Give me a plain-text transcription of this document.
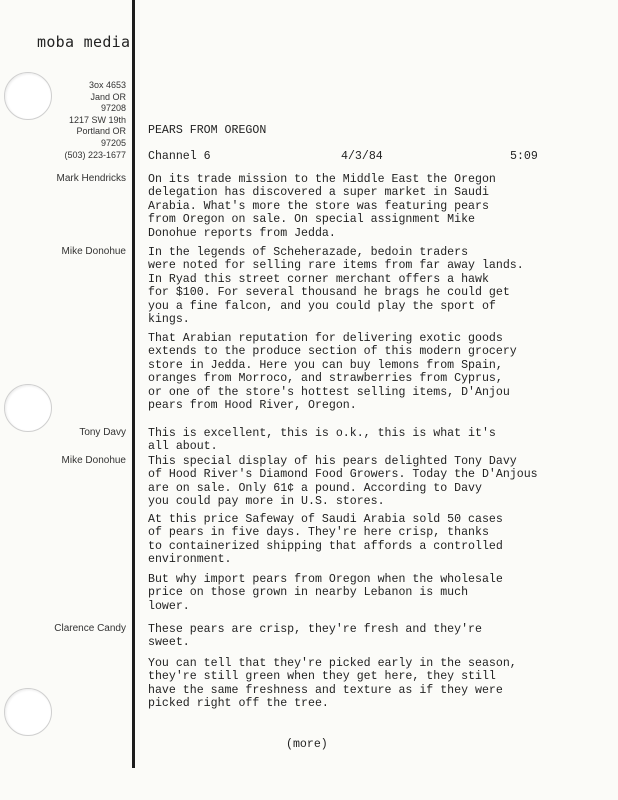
moba media
3ox 4653
Jand OR
97208
1217 SW 19th
Portland OR
97205
(503) 223-1677
PEARS FROM OREGON
Channel 6	4/3/84	5:09
Mark Hendricks
Mike Donohue
Tony Davy
Mike Donohue
Clarence Candy
On its trade mission to the Middle East the Oregon
delegation has discovered a super market in Saudi
Arabia. What's more the store was featuring pears
from Oregon on sale. On special assignment Mike
Donohue reports from Jedda.
In the legends of Scheherazade, bedoin traders
were noted for selling rare items from far away lands.
In Ryad this street corner merchant offers a hawk
for $100. For several thousand he brags he could get
you a fine falcon, and you could play the sport of
kings.
That Arabian reputation for delivering exotic goods
extends to the produce section of this modern grocery
store in Jedda. Here you can buy lemons from Spain,
oranges from Morroco, and strawberries from Cyprus,
or one of the store's hottest selling items, D'Anjou
pears from Hood River, Oregon.
This is excellent, this is o.k., this is what it's
all about.
This special display of his pears delighted Tony Davy
of Hood River's Diamond Food Growers. Today the D'Anjous
are on sale. Only 61¢ a pound. According to Davy
you could pay more in U.S. stores.
At this price Safeway of Saudi Arabia sold 50 cases
of pears in five days. They're here crisp, thanks
to containerized shipping that affords a controlled
environment.
But why import pears from Oregon when the wholesale
price on those grown in nearby Lebanon is much
lower.
These pears are crisp, they're fresh and they're
sweet.
You can tell that they're picked early in the season,
they're still green when they get here, they still
have the same freshness and texture as if they were
picked right off the tree.
(more)
